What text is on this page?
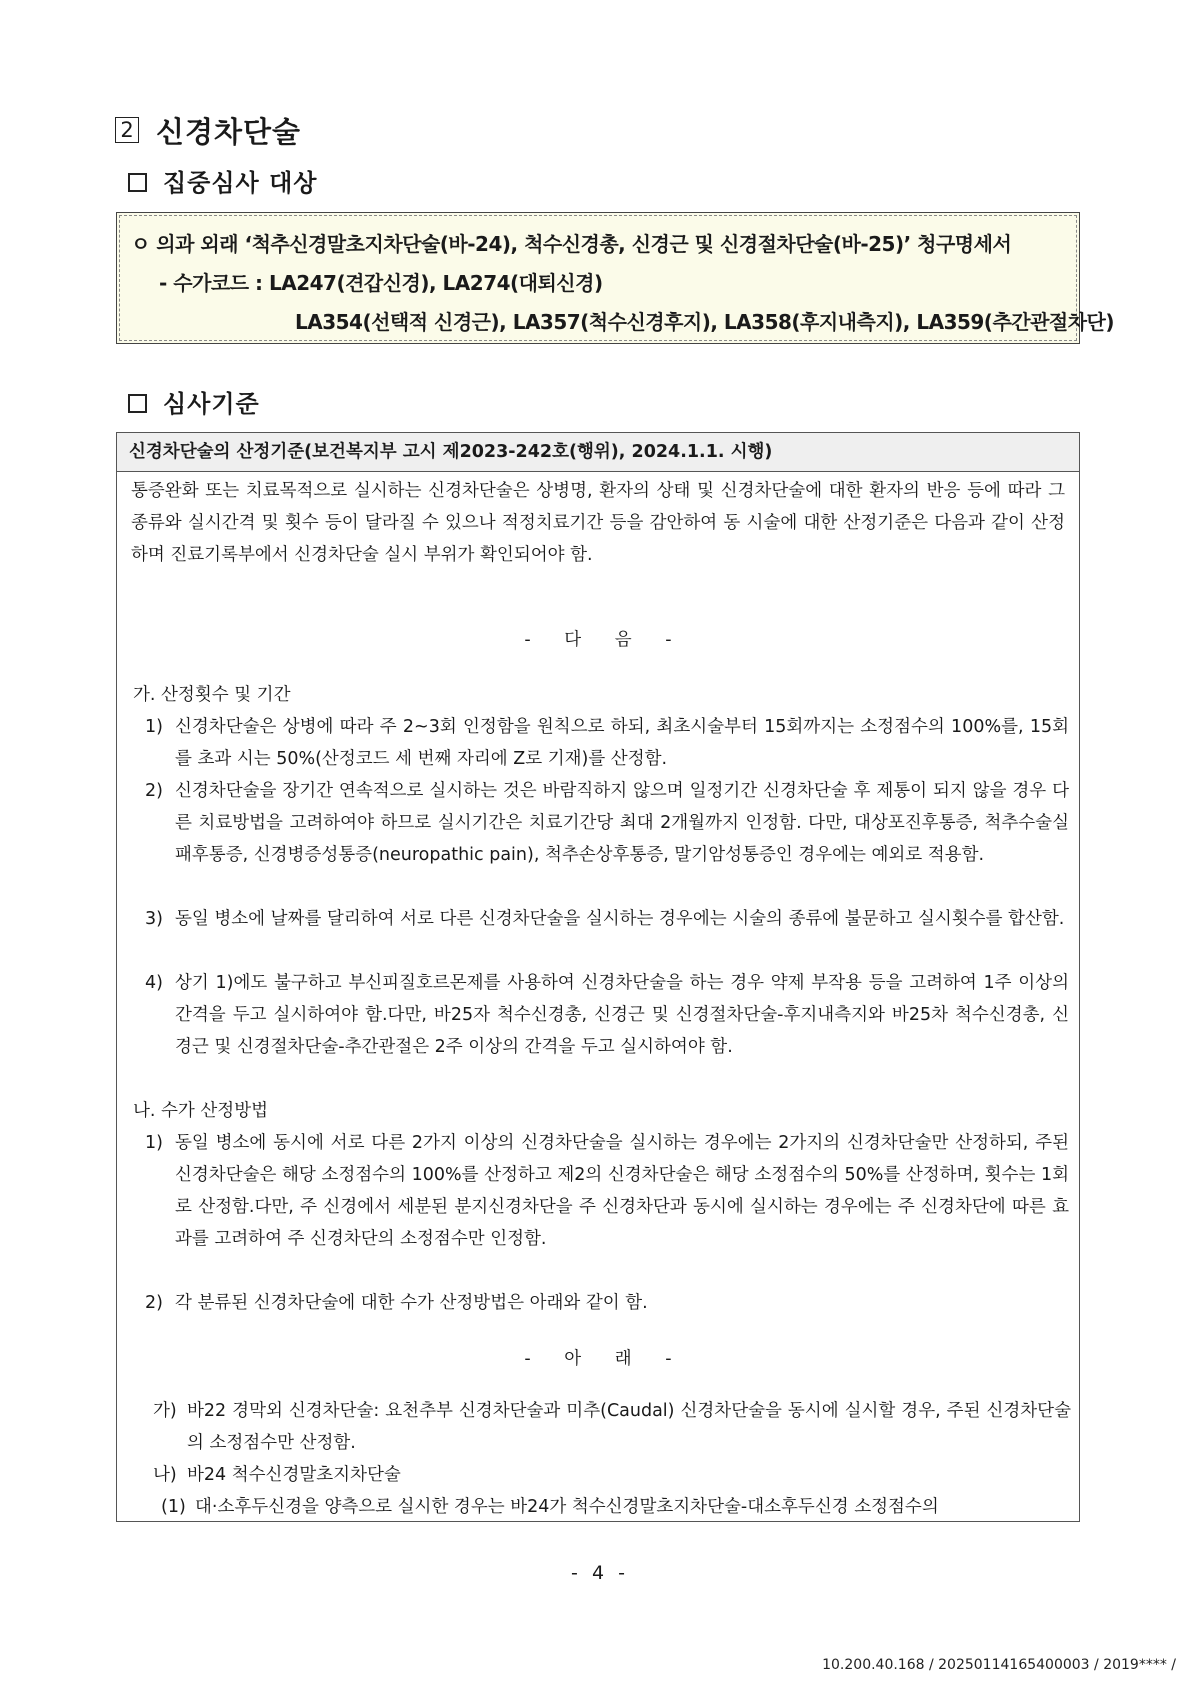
2 신경차단술
집중심사 대상
ㅇ 의과 외래 ‘척추신경말초지차단술(바-24), 척수신경총, 신경근 및 신경절차단술(바-25)’ 청구명세서
- 수가코드 : LA247(견갑신경), LA274(대퇴신경)
LA354(선택적 신경근), LA357(척수신경후지), LA358(후지내측지), LA359(추간관절차단)
심사기준
신경차단술의 산정기준(보건복지부 고시 제2023-242호(행위), 2024.1.1. 시행)
통증완화 또는 치료목적으로 실시하는 신경차단술은 상병명, 환자의 상태 및 신경차단술에 대한 환자의 반응 등에 따라 그 종류와 실시간격 및 횟수 등이 달라질 수 있으나 적정치료기간 등을 감안하여 동 시술에 대한 산정기준은 다음과 같이 산정하며 진료기록부에서 신경차단술 실시 부위가 확인되어야 함.
- 다 음 -
가. 산정횟수 및 기간
1) 신경차단술은 상병에 따라 주 2~3회 인정함을 원칙으로 하되, 최초시술부터 15회까지는 소정점수의 100%를, 15회를 초과 시는 50%(산정코드 세 번째 자리에 Z로 기재)를 산정함.
2) 신경차단술을 장기간 연속적으로 실시하는 것은 바람직하지 않으며 일정기간 신경차단술 후 제통이 되지 않을 경우 다른 치료방법을 고려하여야 하므로 실시기간은 치료기간당 최대 2개월까지 인정함. 다만, 대상포진후통증, 척추수술실패후통증, 신경병증성통증(neuropathic pain), 척추손상후통증, 말기암성통증인 경우에는 예외로 적용함.
3) 동일 병소에 날짜를 달리하여 서로 다른 신경차단술을 실시하는 경우에는 시술의 종류에 불문하고 실시횟수를 합산함.
4) 상기 1)에도 불구하고 부신피질호르몬제를 사용하여 신경차단술을 하는 경우 약제 부작용 등을 고려하여 1주 이상의 간격을 두고 실시하여야 함.다만, 바25자 척수신경총, 신경근 및 신경절차단술-후지내측지와 바25차 척수신경총, 신경근 및 신경절차단술-추간관절은 2주 이상의 간격을 두고 실시하여야 함.
나. 수가 산정방법
1) 동일 병소에 동시에 서로 다른 2가지 이상의 신경차단술을 실시하는 경우에는 2가지의 신경차단술만 산정하되, 주된 신경차단술은 해당 소정점수의 100%를 산정하고 제2의 신경차단술은 해당 소정점수의 50%를 산정하며, 횟수는 1회로 산정함.다만, 주 신경에서 세분된 분지신경차단을 주 신경차단과 동시에 실시하는 경우에는 주 신경차단에 따른 효과를 고려하여 주 신경차단의 소정점수만 인정함.
2) 각 분류된 신경차단술에 대한 수가 산정방법은 아래와 같이 함.
- 아 래 -
가) 바22 경막외 신경차단술: 요천추부 신경차단술과 미추(Caudal) 신경차단술을 동시에 실시할 경우, 주된 신경차단술의 소정점수만 산정함.
나) 바24 척수신경말초지차단술
(1) 대·소후두신경을 양측으로 실시한 경우는 바24가 척수신경말초지차단술-대소후두신경 소정점수의
- 4 -
10.200.40.168 / 20250114165400003 / 2019**** /
